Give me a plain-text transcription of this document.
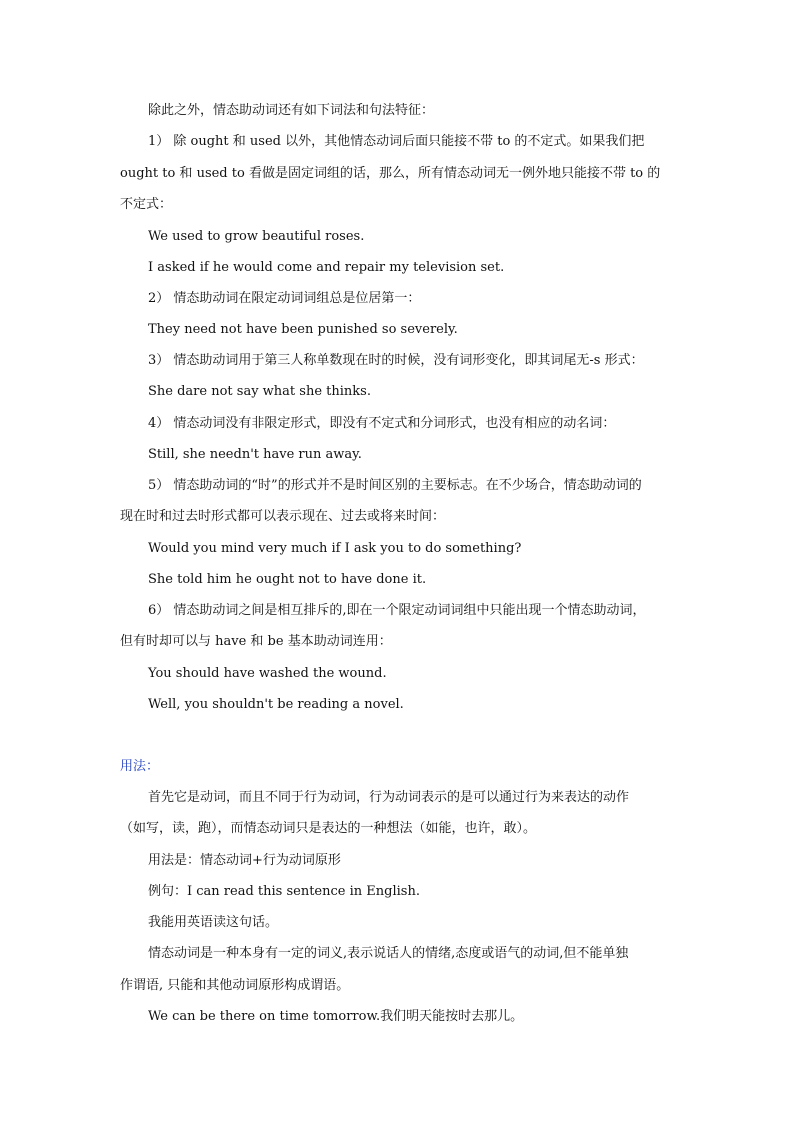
除此之外，情态助动词还有如下词法和句法特征：
1） 除 ought 和 used 以外，其他情态动词后面只能接不带 to 的不定式。如果我们把
ought to 和 used to 看做是固定词组的话，那么，所有情态动词无一例外地只能接不带 to 的
不定式：
We used to grow beautiful roses.
I asked if he would come and repair my television set.
2） 情态助动词在限定动词词组总是位居第一：
They need not have been punished so severely.
3） 情态助动词用于第三人称单数现在时的时候，没有词形变化，即其词尾无-s 形式：
She dare not say what she thinks.
4） 情态动词没有非限定形式，即没有不定式和分词形式，也没有相应的动名词：
Still, she needn't have run away.
5） 情态助动词的“时”的形式并不是时间区别的主要标志。在不少场合，情态助动词的
现在时和过去时形式都可以表示现在、过去或将来时间：
Would you mind very much if I ask you to do something?
She told him he ought not to have done it.
6） 情态助动词之间是相互排斥的,即在一个限定动词词组中只能出现一个情态助动词，
但有时却可以与 have 和 be 基本助动词连用：
You should have washed the wound.
Well, you shouldn't be reading a novel.
用法：
首先它是动词，而且不同于行为动词，行为动词表示的是可以通过行为来表达的动作
（如写，读，跑），而情态动词只是表达的一种想法（如能，也许，敢）。
用法是：情态动词+行为动词原形
例句：I can read this sentence in English.
我能用英语读这句话。
情态动词是一种本身有一定的词义,表示说话人的情绪,态度或语气的动词,但不能单独
作谓语, 只能和其他动词原形构成谓语。
We can be there on time tomorrow.我们明天能按时去那儿。
